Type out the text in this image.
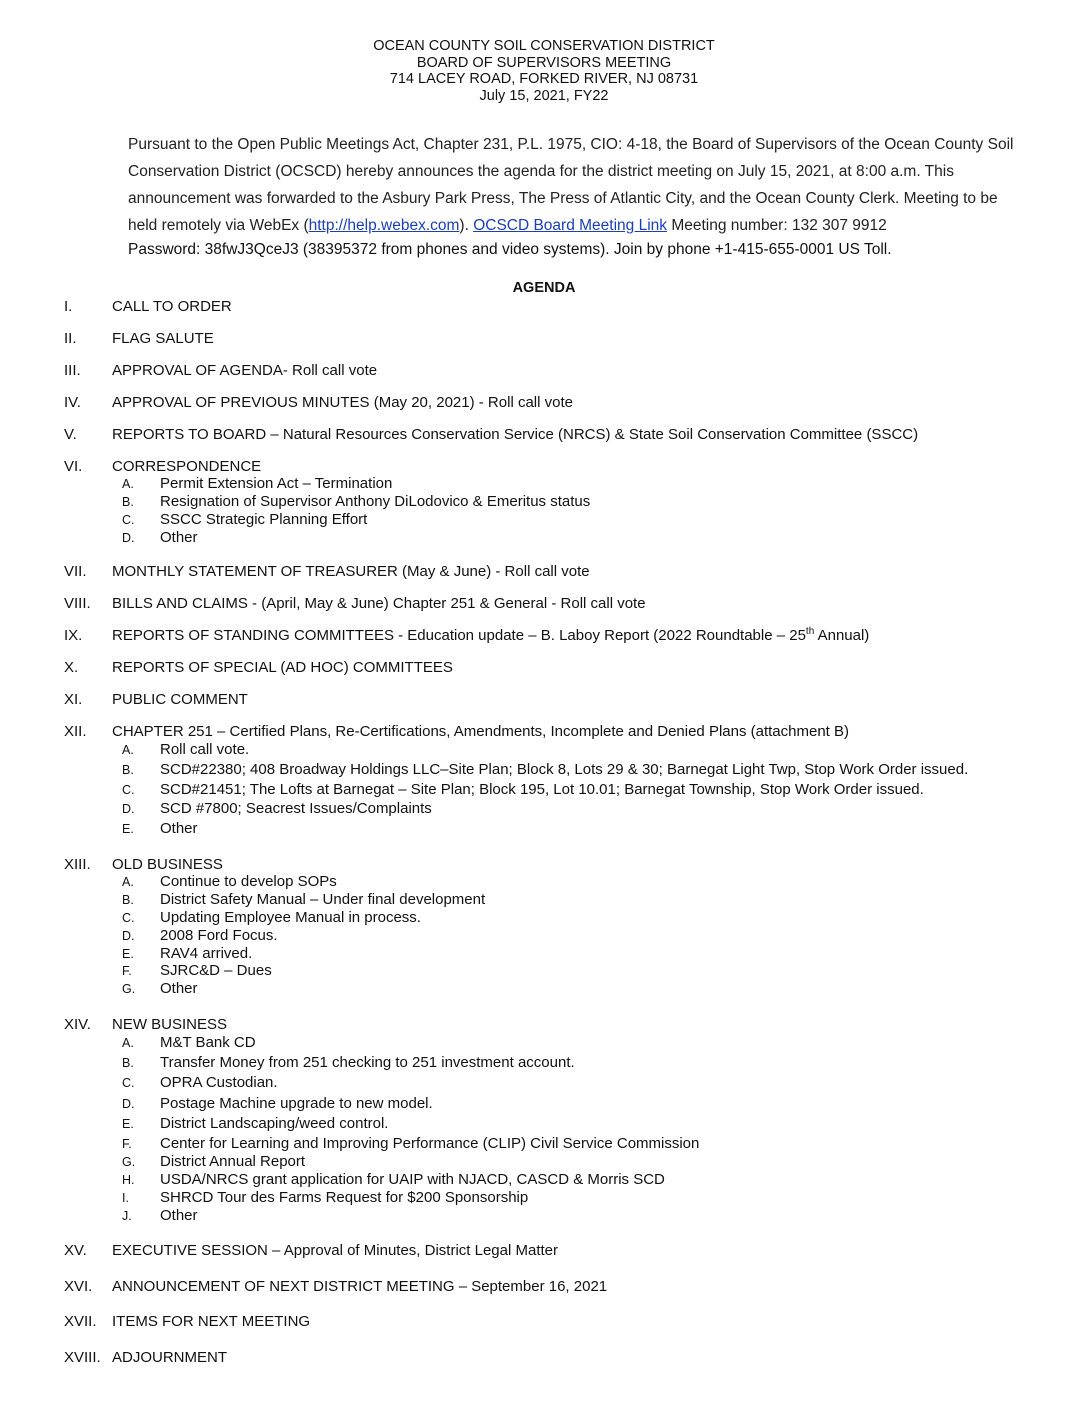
OCEAN COUNTY SOIL CONSERVATION DISTRICT
BOARD OF SUPERVISORS MEETING
714 LACEY ROAD, FORKED RIVER, NJ 08731
July 15, 2021, FY22
Pursuant to the Open Public Meetings Act, Chapter 231, P.L. 1975, CIO: 4-18, the Board of Supervisors of the Ocean County Soil Conservation District (OCSCD) hereby announces the agenda for the district meeting on July 15, 2021, at 8:00 a.m. This announcement was forwarded to the Asbury Park Press, The Press of Atlantic City, and the Ocean County Clerk. Meeting to be held remotely via WebEx (http://help.webex.com). OCSCD Board Meeting Link Meeting number: 132 307 9912
Password: 38fwJ3QceJ3 (38395372 from phones and video systems). Join by phone +1-415-655-0001 US Toll.
AGENDA
I.	CALL TO ORDER
II. FLAG SALUTE
III. APPROVAL OF AGENDA- Roll call vote
IV. APPROVAL OF PREVIOUS MINUTES (May 20, 2021) - Roll call vote
V. REPORTS TO BOARD – Natural Resources Conservation Service (NRCS) & State Soil Conservation Committee (SSCC)
VI. CORRESPONDENCE
A.	Permit Extension Act – Termination
B.	Resignation of Supervisor Anthony DiLodovico & Emeritus status
C.	SSCC Strategic Planning Effort
D.	Other
VII. MONTHLY STATEMENT OF TREASURER (May & June) - Roll call vote
VIII. BILLS AND CLAIMS - (April, May & June) Chapter 251 & General - Roll call vote
IX. REPORTS OF STANDING COMMITTEES - Education update – B. Laboy Report (2022 Roundtable – 25th Annual)
X. REPORTS OF SPECIAL (AD HOC) COMMITTEES
XI. PUBLIC COMMENT
XII. CHAPTER 251 – Certified Plans, Re-Certifications, Amendments, Incomplete and Denied Plans (attachment B)
A.	Roll call vote.
B.	SCD#22380; 408 Broadway Holdings LLC–Site Plan; Block 8, Lots 29 & 30; Barnegat Light Twp, Stop Work Order issued.
C.	SCD#21451; The Lofts at Barnegat – Site Plan; Block 195, Lot 10.01; Barnegat Township, Stop Work Order issued.
D.	SCD #7800; Seacrest Issues/Complaints
E.	Other
XIII. OLD BUSINESS
A.	Continue to develop SOPs
B.	District Safety Manual – Under final development
C.	Updating Employee Manual in process.
D.	2008 Ford Focus.
E.	RAV4 arrived.
F.	SJRC&D – Dues
G.	Other
XIV. NEW BUSINESS
A.	M&T Bank CD
B.	Transfer Money from 251 checking to 251 investment account.
C.	OPRA Custodian.
D.	Postage Machine upgrade to new model.
E.	District Landscaping/weed control.
F.	Center for Learning and Improving Performance (CLIP) Civil Service Commission
G.	District Annual Report
H.	USDA/NRCS grant application for UAIP with NJACD, CASCD & Morris SCD
I.	SHRCD Tour des Farms Request for $200 Sponsorship
J.	Other
XV. EXECUTIVE SESSION – Approval of Minutes, District Legal Matter
XVI. ANNOUNCEMENT OF NEXT DISTRICT MEETING – September 16, 2021
XVII. ITEMS FOR NEXT MEETING
XVIII. ADJOURNMENT
